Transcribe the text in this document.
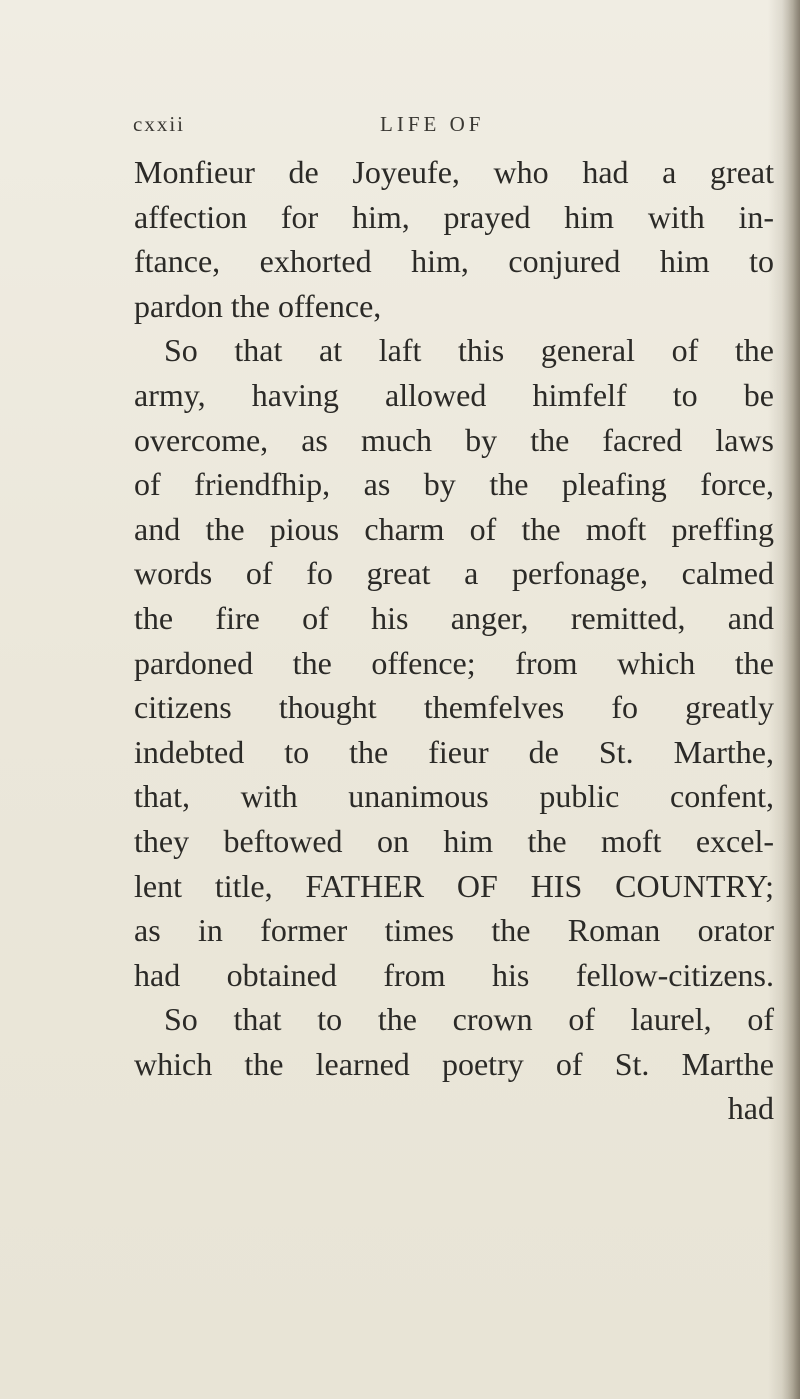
cxxii	LIFE OF
Monfieur de Joyeufe, who had a great
affection for him, prayed him with in-
ftance, exhorted him, conjured him to
pardon the offence,
So that at laft this general of the
army, having allowed himfelf to be
overcome, as much by the facred laws
of friendfhip, as by the pleafing force,
and the pious charm of the moft preffing
words of fo great a perfonage, calmed
the fire of his anger, remitted, and
pardoned the offence; from which the
citizens thought themfelves fo greatly
indebted to the fieur de St. Marthe,
that, with unanimous public confent,
they beftowed on him the moft excel-
lent title, FATHER OF HIS COUNTRY;
as in former times the Roman orator
had obtained from his fellow-citizens.
So that to the crown of laurel, of
which the learned poetry of St. Marthe
had
